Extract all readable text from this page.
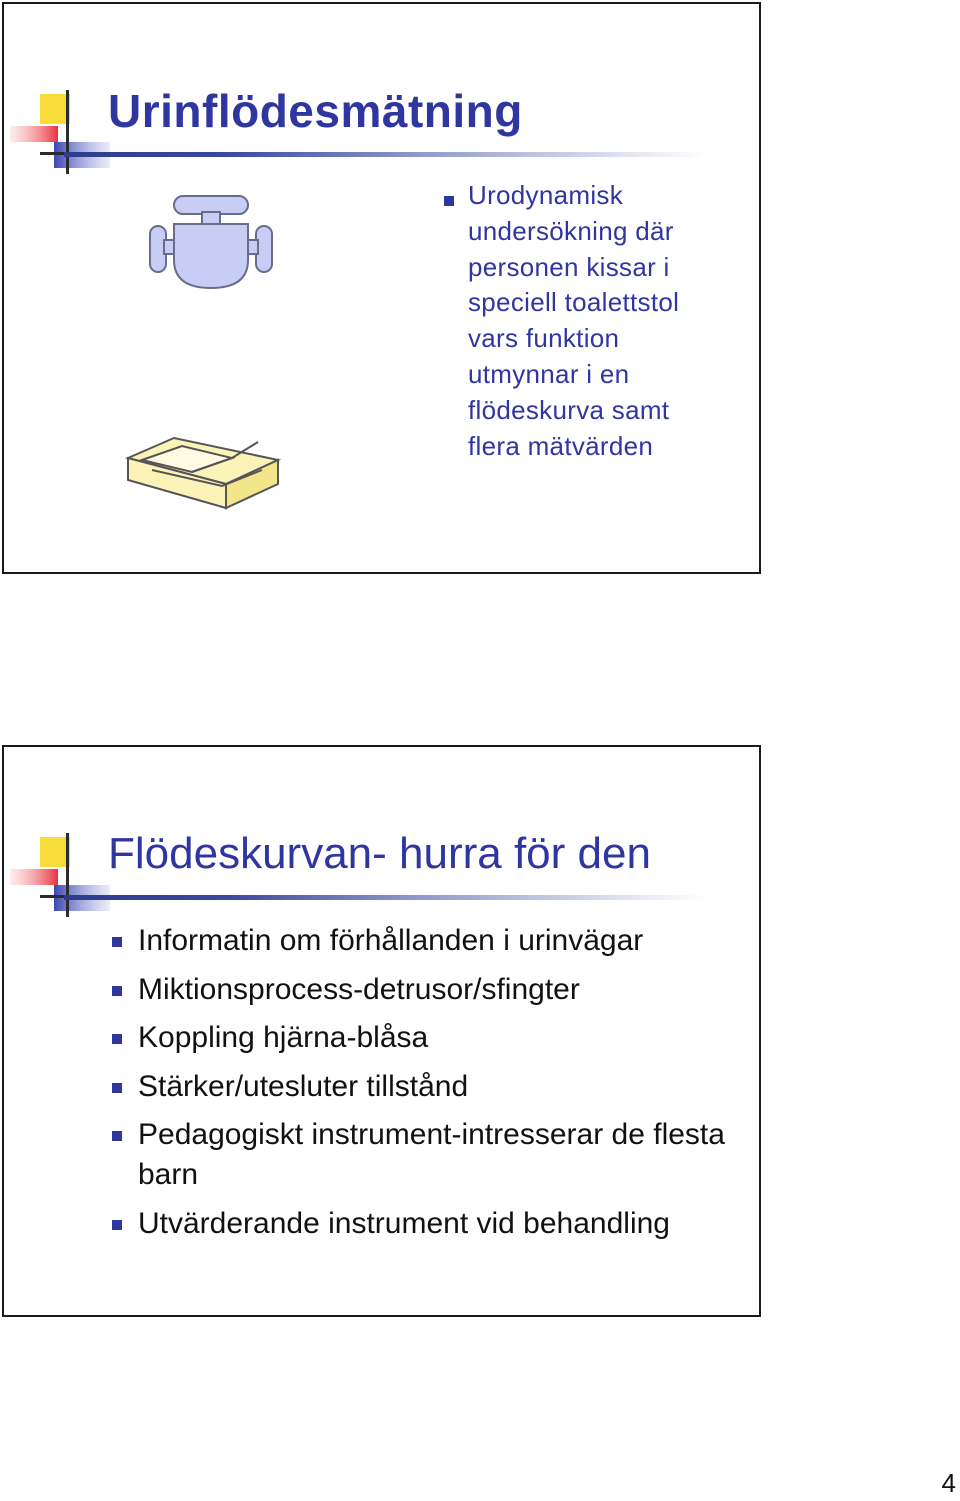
Urinflödesmätning
Urodynamisk
undersökning där
personen kissar i
speciell toalettstol
vars funktion
utmynnar i en
flödeskurva samt
flera mätvärden
Flödeskurvan- hurra för den
Informatin om förhållanden i urinvägar
Miktionsprocess-detrusor/sfingter
Koppling hjärna-blåsa
Stärker/utesluter tillstånd
Pedagogiskt instrument-intresserar de flesta barn
Utvärderande instrument vid behandling
4
